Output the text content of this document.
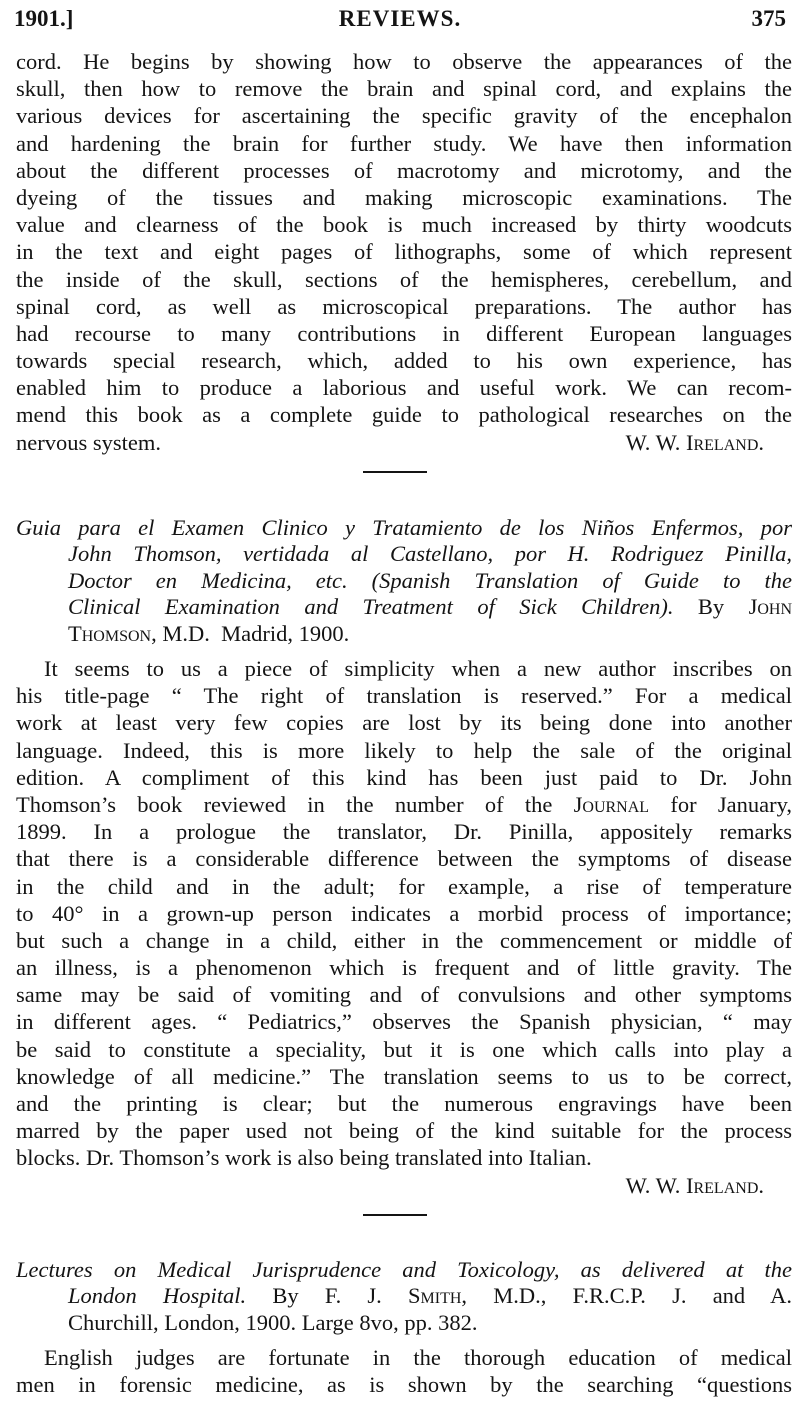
1901.]	REVIEWS.	375
cord. He begins by showing how to observe the appearances of the
skull, then how to remove the brain and spinal cord, and explains the
various devices for ascertaining the specific gravity of the encephalon
and hardening the brain for further study. We have then information
about the different processes of macrotomy and microtomy, and the
dyeing of the tissues and making microscopic examinations. The
value and clearness of the book is much increased by thirty woodcuts
in the text and eight pages of lithographs, some of which represent
the inside of the skull, sections of the hemispheres, cerebellum, and
spinal cord, as well as microscopical preparations. The author has
had recourse to many contributions in different European languages
towards special research, which, added to his own experience, has
enabled him to produce a laborious and useful work. We can recom-
mend this book as a complete guide to pathological researches on the
nervous system.	W. W. Ireland.
Guia para el Examen Clinico y Tratamiento de los Niños Enfermos, por
John Thomson, vertidada al Castellano, por H. Rodriguez Pinilla,
Doctor en Medicina, etc. (Spanish Translation of Guide to the
Clinical Examination and Treatment of Sick Children). By John
Thomson, M.D. Madrid, 1900.
It seems to us a piece of simplicity when a new author inscribes on
his title-page “ The right of translation is reserved.” For a medical
work at least very few copies are lost by its being done into another
language. Indeed, this is more likely to help the sale of the original
edition. A compliment of this kind has been just paid to Dr. John
Thomson’s book reviewed in the number of the Journal for January,
1899. In a prologue the translator, Dr. Pinilla, appositely remarks
that there is a considerable difference between the symptoms of disease
in the child and in the adult; for example, a rise of temperature
to 40° in a grown-up person indicates a morbid process of importance;
but such a change in a child, either in the commencement or middle of
an illness, is a phenomenon which is frequent and of little gravity. The
same may be said of vomiting and of convulsions and other symptoms
in different ages. “ Pediatrics,” observes the Spanish physician, “ may
be said to constitute a speciality, but it is one which calls into play a
knowledge of all medicine.” The translation seems to us to be correct,
and the printing is clear; but the numerous engravings have been
marred by the paper used not being of the kind suitable for the process
blocks. Dr. Thomson’s work is also being translated into Italian.
W. W. Ireland.
Lectures on Medical Jurisprudence and Toxicology, as delivered at the
London Hospital. By F. J. Smith, M.D., F.R.C.P. J. and A.
Churchill, London, 1900. Large 8vo, pp. 382.
English judges are fortunate in the thorough education of medical
men in forensic medicine, as is shown by the searching “questions
